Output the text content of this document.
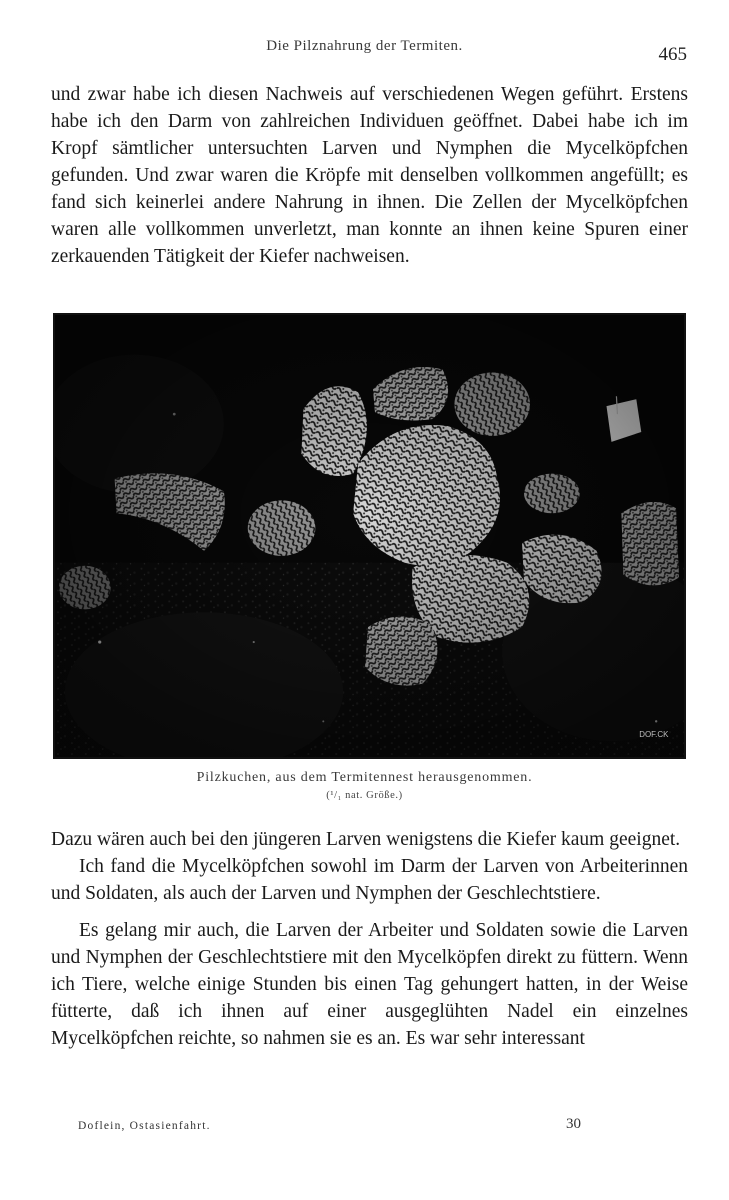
Die Pilznahrung der Termiten.	465

und zwar habe ich diesen Nachweis auf verschiedenen Wegen geführt. Erstens habe ich den Darm von zahlreichen Individuen geöffnet. Dabei habe ich im Kropf sämtlicher untersuchten Larven und Nymphen die Mycelköpfchen gefunden. Und zwar waren die Kröpfe mit denselben vollkommen angefüllt; es fand sich keinerlei andere Nahrung in ihnen. Die Zellen der Mycelköpfchen waren alle vollkommen unverletzt, man konnte an ihnen keine Spuren einer zerkauenden Tätigkeit der Kiefer nachweisen.

DOF.CK
Pilzkuchen, aus dem Termitennest herausgenommen.
(¹/₁ nat. Größe.)

Dazu wären auch bei den jüngeren Larven wenigstens die Kiefer kaum geeignet.

Ich fand die Mycelköpfchen sowohl im Darm der Larven von Arbeiterinnen und Soldaten, als auch der Larven und Nymphen der Geschlechtstiere.

Es gelang mir auch, die Larven der Arbeiter und Soldaten sowie die Larven und Nymphen der Geschlechtstiere mit den Mycelköpfen direkt zu füttern. Wenn ich Tiere, welche einige Stunden bis einen Tag gehungert hatten, in der Weise fütterte, daß ich ihnen auf einer ausgeglühten Nadel ein einzelnes Mycelköpfchen reichte, so nahmen sie es an. Es war sehr interessant

Doflein, Ostasienfahrt.	30
